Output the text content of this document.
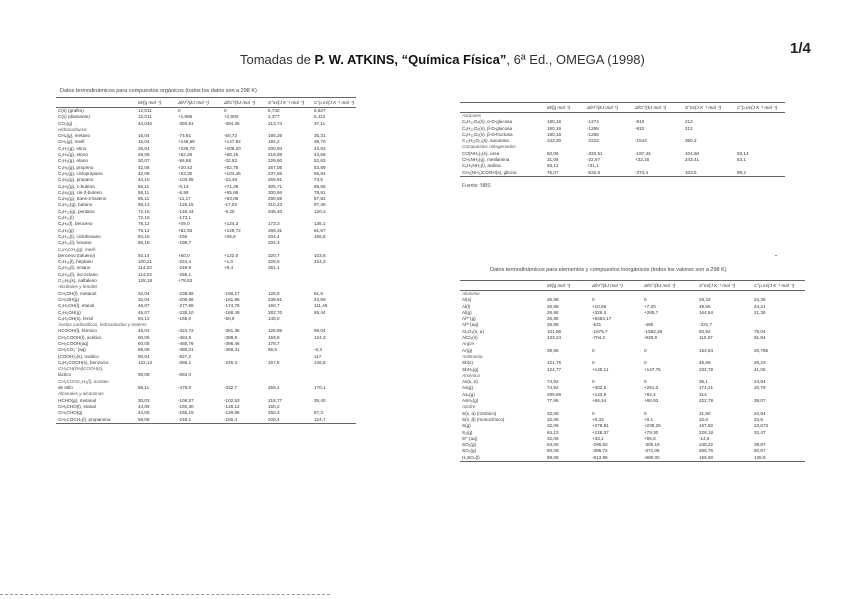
Tomadas de P. W. ATKINS, “Química Física”, 6ª Ed., OMEGA (1998)
1/4
Datos termodinámicos para compuestos orgánicos (todos los datos son a 298 K)
	M/(g mol⁻¹)	ΔfH°/(kJ mol⁻¹)	ΔfG°/(kJ mol⁻¹)	S°m/(J K⁻¹ mol⁻¹)	C°p,m/(J K⁻¹ mol⁻¹)
C(s) (grafito)	12,011	0	0	5,740	8,527
C(s) (diamante)	12,011	+1,895	+2,900	2,377	6,113
CO₂(g)	44,040	-393,51	-394,36	213,74	37,11
Hidrocarburos					
CH₄(g), metano	16,04	-74,81	-50,72	186,26	35,31
CH₃(g), metil	15,04	+145,69	+147,92	194,2	38,70
C₂H₂(g), etino	26,04	+226,73	+209,20	200,94	43,93
C₂H₄(g), eteno	28,05	+52,26	+68,15	219,56	43,56
C₂H₆(g), etano	30,07	-84,68	-32,82	229,60	52,63
C₃H₆(g), propeno	42,08	+20,42	+62,78	267,05	63,89
C₃H₆(g), ciclopropano	42,08	+53,30	+104,45	237,55	55,94
C₃H₈(g), propano	44,10	-103,85	-23,49	269,91	73,5
C₄H₈(g), 1-buteno	56,11	-0,13	+71,39	305,71	85,65
C₄H₈(g), cis-2-buteno	56,11	-6,99	+65,95	300,94	78,91
C₄H₈(g), trans-2-buteno	56,11	-11,17	+63,06	296,59	87,82
C₄H₁₀(g), butano	58,13	-126,15	-17,03	310,23	97,45
C₅H₁₂(g), pentano	72,15	-146,44	-8,20	348,40	120,2
C₅H₁₂(l)	72,15	-173,1			
C₆H₆(l), benceno	78,12	+49,0	+124,3	173,3	136,1
C₆H₆(g)	78,12	+82,93	+129,72	269,31	81,67
C₆H₁₂(l), ciclohexano	84,16	-156	+26,8	204,4	156,5
C₆H₁₄(l), hexano	86,18	-198,7		204,3	
C₆H₅CH₃(g), metil-					
benceno (tolueno)	92,14	+50,0	+122,0	320,7	103,6
C₇H₁₆(l), heptano	100,21	-224,4	+1,0	328,6	224,3
C₈H₁₈(l), octano	114,23	-249,9	+6,4	361,1	
C₈H₁₈(l), iso-octano	114,23	-255,1			
C₁₀H₈(s), naftaleno	128,18	+78,53			
Alcoholes y fenoles					
CH₃OH(l), metanol	32,04	-238,66	-166,27	126,8	81,6
CH₃OH(g)	32,04	-200,66	-161,96	239,81	43,89
C₂H₅OH(l), etanol	46,07	-277,69	-174,78	160,7	111,46
C₂H₅OH(g)	46,07	-235,10	-168,49	282,70	65,44
C₆H₅OH(s), fenol	94,12	-165,0	-50,9	146,0	
Ácidos carboxílicos, hidroxiácidos y ésteres					
HCOOH(l), fórmico	46,03	-424,72	-361,35	128,95	99,04
CH₃COOH(l), acético	60,05	-484,5	-389,9	159,8	124,3
CH₃COOH(aq)	60,05	-485,76	-396,46	178,7	
CH₃CO₂⁻(aq)	59,05	-486,01	-369,31	86,6	-6,3
(COOH)₂(s), oxálico	90,04	-827,2			117
C₆H₅COOH(s), benzoico	122,13	-385,1	-245,3	167,6	146,8
CH₃CH(OH)COOH(s),					
láctico	90,08	-694,0			
CH₃COOC₂H₅(l), acetato					
de etilo	88,11	-479,0	-332,7	259,4	170,1
Alcanales y alcanonas					
HCHO(g), metanal	30,03	-108,57	-102,53	218,77	35,40
CH₃CHO(l), etanal	44,05	-192,30	-128,12	160,2	
CH₃CHO(g)	44,05	-166,19	-128,86	250,3	57,3
CH₃COCH₃(l), propanona	58,08	-248,1	-155,4	200,4	124,7
	M/(g mol⁻¹)	ΔfH°/(kJ mol⁻¹)	ΔfG°/(kJ mol⁻¹)	S°m/(J K⁻¹ mol⁻¹)	C°p,m/(J K⁻¹ mol⁻¹)
Azúcares					
C₆H₁₂O₆(s), α-D-glucosa	180,16	-1274	-910	212	
C₆H₁₂O₆(s), β-D-glucosa	180,16	-1268	-910	212	
C₆H₁₂O₆(s), β-D-fructosa	180,16	-1266			
C₁₂H₂₂O₁₁(s), sacarosa	342,30	-2222	-1543	360,2	
Compuestos nitrogenados					
CO(NH₂)₂(s), urea	60,06	-333,51	-197,33	104,60	93,14
CH₃NH₂(g), metilamina	31,06	-22,97	+32,16	243,41	53,1
C₆H₅NH₂(l), anilina	93,13	+31,1			
CH₂(NH₂)COOH(s), glicina	75,07	-532,9	-373,4	103,5	99,2
Fuente: NBS
Datos termodinámicos para elementos y compuestos inorgánicos (todos los valores son a 298 K)
	M/(g mol⁻¹)	ΔfH°/(kJ mol⁻¹)	ΔfG°/(kJ mol⁻¹)	S°m/(J K⁻¹ mol⁻¹)	C°p,m/(J K⁻¹ mol⁻¹)
Aluminio					
Al(s)	26,98	0	0	28,33	24,35
Al(l)	26,98	+10,56	+7,20	39,55	24,21
Al(g)	26,98	+326,4	+285,7	164,54	21,38
Al³⁺(g)	26,98	+5483,17			
Al³⁺(aq)	26,98	-531	-485	-321,7	
Al₂O₃(s, α)	101,96	-1675,7	-1582,35	50,92	79,04
AlCl₃(s)	133,24	-704,2	-628,8	110,67	91,84
Argón					
Ar(g)	39,95	0	0	154,84	20,786
Antimonio					
Sb(s)	121,75	0	0	45,69	25,23
SbH₃(g)	124,77	+145,11	+147,75	232,78	41,05
Arsénico					
As(s, α)	74,92	0	0	35,1	24,64
As(g)	74,92	+302,5	+261,0	174,21	20,79
As₄(g)	299,69	+143,9	+92,4	314	
AsH₃(g)	77,95	+66,44	+68,93	222,78	38,07
Azufre					
S(s, α) (rómbico)	32,06	0	0	31,80	22,64
S(s, β) (monoclínico)	32,06	+0,33	+0,1	32,6	23,6
S(g)	32,06	+278,81	+238,25	167,82	23,673
S₂(g)	64,13	+128,37	+79,30	228,18	32,47
S²⁻(aq)	32,06	+33,1	+85,8	-14,6	
SO₂(g)	64,06	-296,83	-300,19	248,22	39,87
SO₃(g)	80,06	-395,72	-371,06	256,76	50,67
H₂SO₄(l)	98,08	-813,99	-690,00	156,90	138,9
